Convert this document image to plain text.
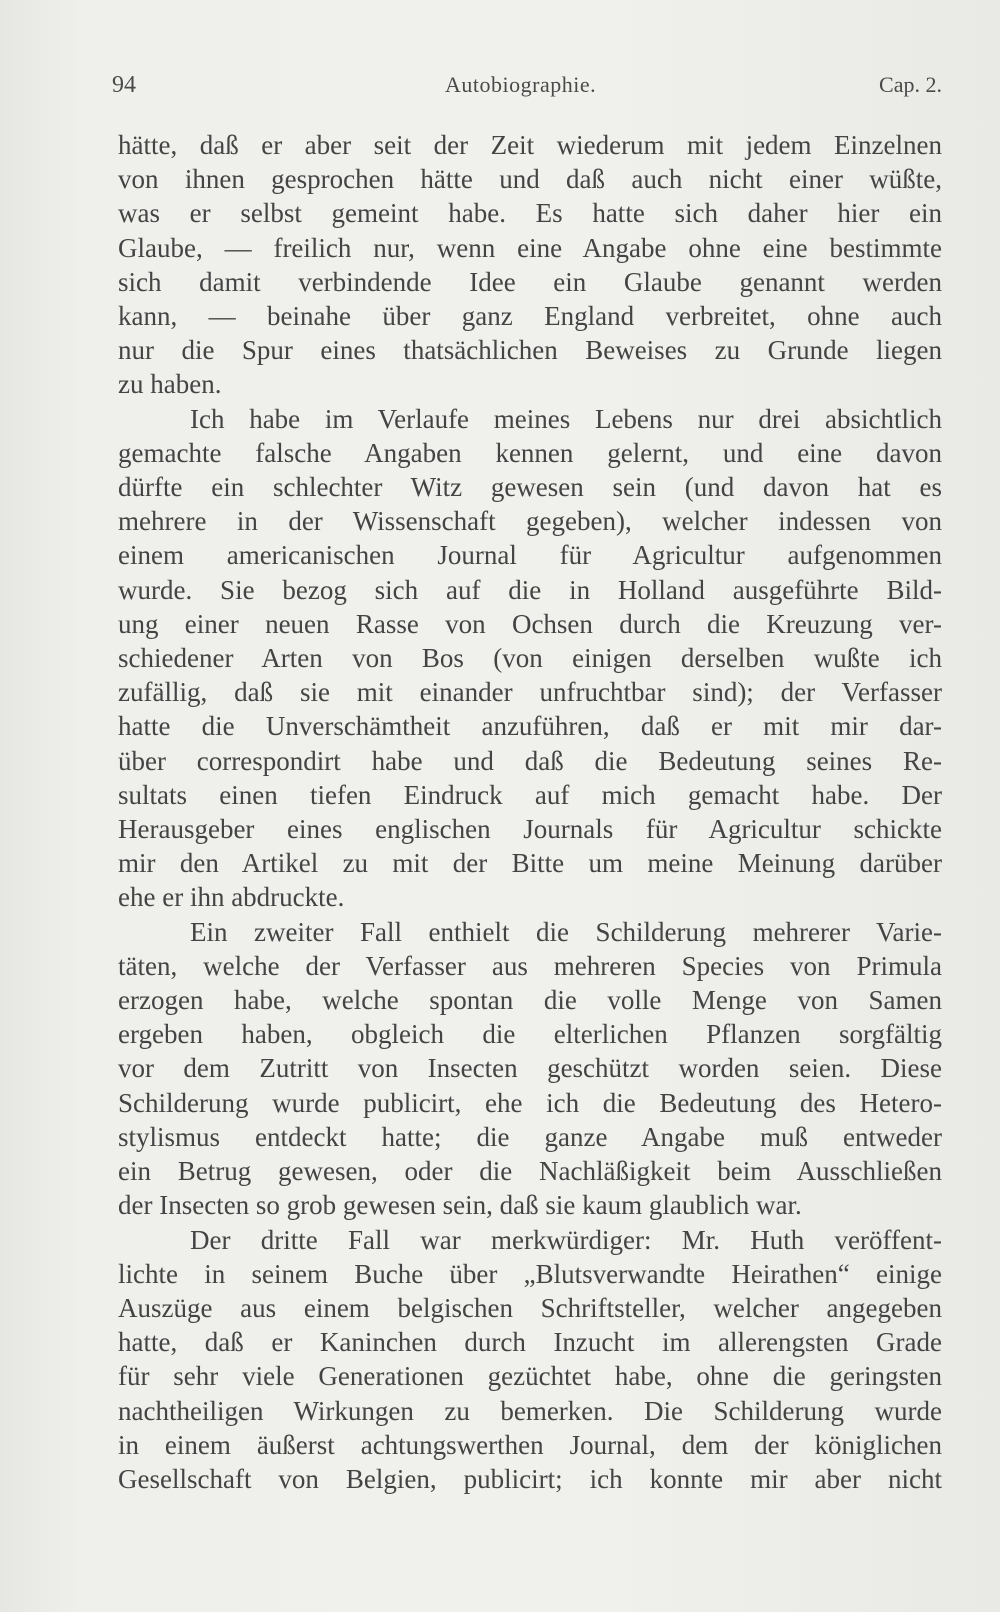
94	Autobiographie.	Cap. 2.
hätte, daß er aber seit der Zeit wiederum mit jedem Einzelnen
von ihnen gesprochen hätte und daß auch nicht einer wüßte,
was er selbst gemeint habe. Es hatte sich daher hier ein
Glaube, — freilich nur, wenn eine Angabe ohne eine bestimmte
sich damit verbindende Idee ein Glaube genannt werden
kann, — beinahe über ganz England verbreitet, ohne auch
nur die Spur eines thatsächlichen Beweises zu Grunde liegen
zu haben.
Ich habe im Verlaufe meines Lebens nur drei absichtlich
gemachte falsche Angaben kennen gelernt, und eine davon
dürfte ein schlechter Witz gewesen sein (und davon hat es
mehrere in der Wissenschaft gegeben), welcher indessen von
einem americanischen Journal für Agricultur aufgenommen
wurde. Sie bezog sich auf die in Holland ausgeführte Bild-
ung einer neuen Rasse von Ochsen durch die Kreuzung ver-
schiedener Arten von Bos (von einigen derselben wußte ich
zufällig, daß sie mit einander unfruchtbar sind); der Verfasser
hatte die Unverschämtheit anzuführen, daß er mit mir dar-
über correspondirt habe und daß die Bedeutung seines Re-
sultats einen tiefen Eindruck auf mich gemacht habe. Der
Herausgeber eines englischen Journals für Agricultur schickte
mir den Artikel zu mit der Bitte um meine Meinung darüber
ehe er ihn abdruckte.
Ein zweiter Fall enthielt die Schilderung mehrerer Varie-
täten, welche der Verfasser aus mehreren Species von Primula
erzogen habe, welche spontan die volle Menge von Samen
ergeben haben, obgleich die elterlichen Pflanzen sorgfältig
vor dem Zutritt von Insecten geschützt worden seien. Diese
Schilderung wurde publicirt, ehe ich die Bedeutung des Hetero-
stylismus entdeckt hatte; die ganze Angabe muß entweder
ein Betrug gewesen, oder die Nachläßigkeit beim Ausschließen
der Insecten so grob gewesen sein, daß sie kaum glaublich war.
Der dritte Fall war merkwürdiger: Mr. Huth veröffent-
lichte in seinem Buche über „Blutsverwandte Heirathen“ einige
Auszüge aus einem belgischen Schriftsteller, welcher angegeben
hatte, daß er Kaninchen durch Inzucht im allerengsten Grade
für sehr viele Generationen gezüchtet habe, ohne die geringsten
nachtheiligen Wirkungen zu bemerken. Die Schilderung wurde
in einem äußerst achtungswerthen Journal, dem der königlichen
Gesellschaft von Belgien, publicirt; ich konnte mir aber nicht
